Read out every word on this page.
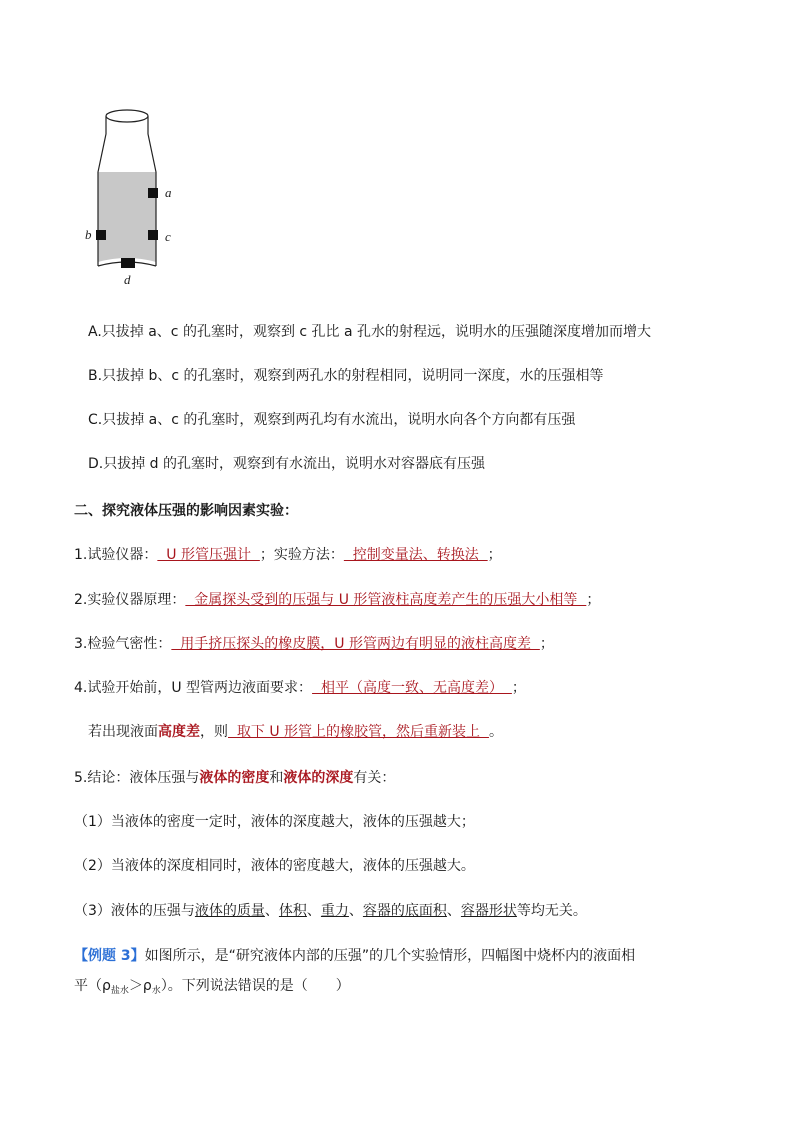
a
b	c
d
A.只拔掉 a、c 的孔塞时，观察到 c 孔比 a 孔水的射程远，说明水的压强随深度增加而增大
B.只拔掉 b、c 的孔塞时，观察到两孔水的射程相同，说明同一深度，水的压强相等
C.只拔掉 a、c 的孔塞时，观察到两孔均有水流出，说明水向各个方向都有压强
D.只拔掉 d 的孔塞时，观察到有水流出，说明水对容器底有压强
二、探究液体压强的影响因素实验：
1.试验仪器：  U 形管压强计  ；实验方法：  控制变量法、转换法  ；
2.实验仪器原理：  金属探头受到的压强与 U 形管液柱高度差产生的压强大小相等  ；
3.检验气密性：  用手挤压探头的橡皮膜，U 形管两边有明显的液柱高度差  ；
4.试验开始前，U 型管两边液面要求：  相平（高度一致、无高度差）  ；
若出现液面高度差，则  取下 U 形管上的橡胶管，然后重新装上  。
5.结论：液体压强与液体的密度和液体的深度有关：
（1）当液体的密度一定时，液体的深度越大，液体的压强越大；
（2）当液体的深度相同时，液体的密度越大，液体的压强越大。
（3）液体的压强与液体的质量、体积、重力、容器的底面积、容器形状等均无关。
【例题 3】如图所示，是“研究液体内部的压强”的几个实验情形，四幅图中烧杯内的液面相
平$(\rho_{盐水}>\rho_水)$。下列说法错误的是（　　）
